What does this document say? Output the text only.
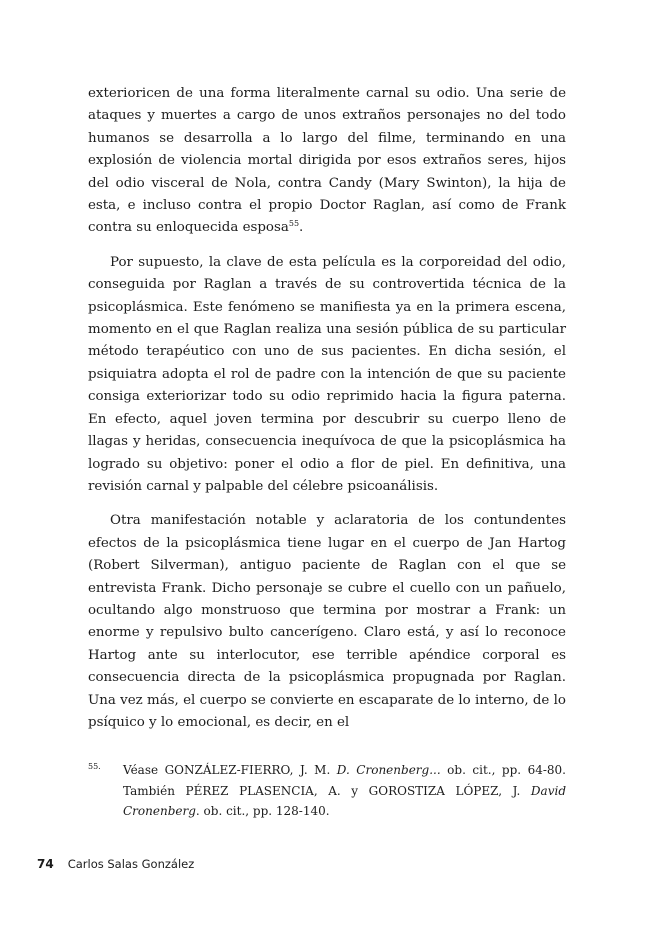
exterioricen de una forma literalmente carnal su odio. Una serie de ataques y muertes a cargo de unos extraños personajes no del todo humanos se desarrolla a lo largo del filme, terminando en una explosión de violencia mortal dirigida por esos extraños seres, hijos del odio visceral de Nola, contra Candy (Mary Swinton), la hija de esta, e incluso contra el propio Doctor Raglan, así como de Frank contra su enloquecida esposa$^{55}$.

Por supuesto, la clave de esta película es la corporeidad del odio, conseguida por Raglan a través de su controvertida técnica de la psicoplásmica. Este fenómeno se manifiesta ya en la primera escena, momento en el que Raglan realiza una sesión pública de su particular método terapéutico con uno de sus pacientes. En dicha sesión, el psiquiatra adopta el rol de padre con la intención de que su paciente consiga exteriorizar todo su odio reprimido hacia la figura paterna. En efecto, aquel joven termina por descubrir su cuerpo lleno de llagas y heridas, consecuencia inequívoca de que la psicoplásmica ha logrado su objetivo: poner el odio a flor de piel. En definitiva, una revisión carnal y palpable del célebre psicoanálisis.

Otra manifestación notable y aclaratoria de los contundentes efectos de la psicoplásmica tiene lugar en el cuerpo de Jan Hartog (Robert Silverman), antiguo paciente de Raglan con el que se entrevista Frank. Dicho personaje se cubre el cuello con un pañuelo, ocultando algo monstruoso que termina por mostrar a Frank: un enorme y repulsivo bulto cancerígeno. Claro está, y así lo reconoce Hartog ante su interlocutor, ese terrible apéndice corporal es consecuencia directa de la psicoplásmica propugnada por Raglan. Una vez más, el cuerpo se convierte en escaparate de lo interno, de lo psíquico y lo emocional, es decir, en el

55. Véase GONZÁLEZ-FIERRO, J. M. D. Cronenberg... ob. cit., pp. 64-80. También PÉREZ PLASENCIA, A. y GOROSTIZA LÓPEZ, J. David Cronenberg. ob. cit., pp. 128-140.
74 Carlos Salas González
